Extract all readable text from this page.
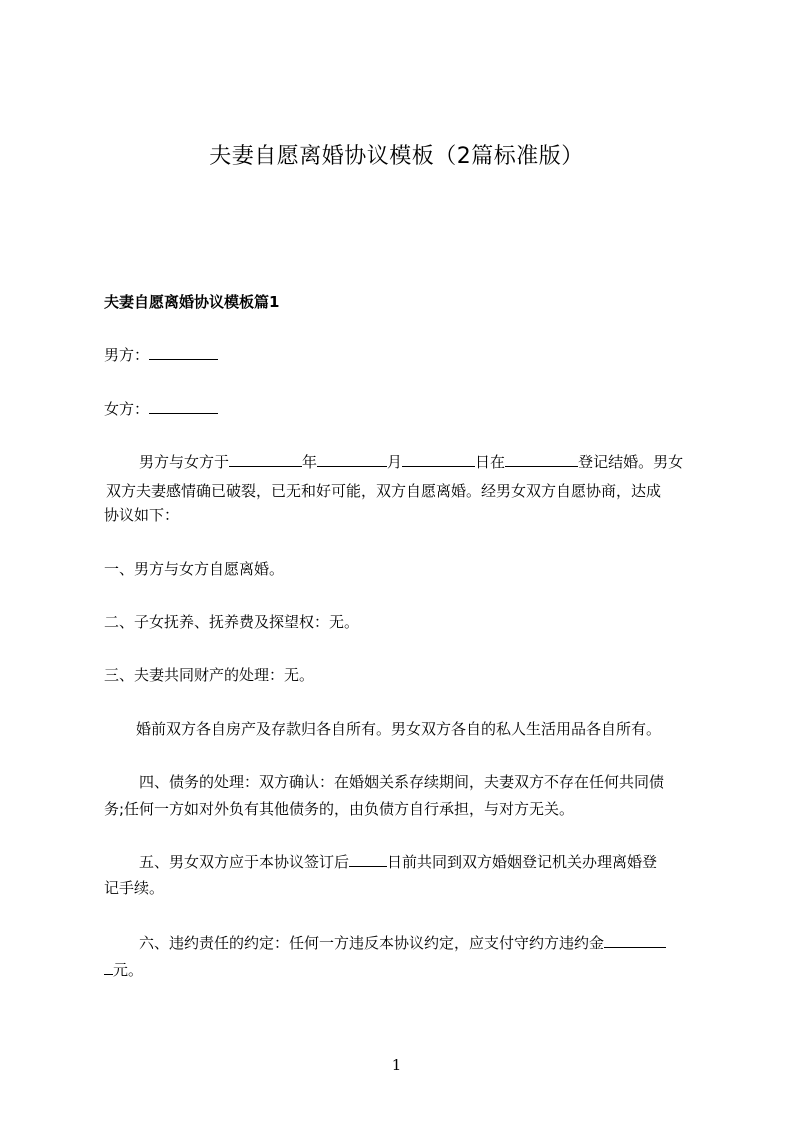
夫妻自愿离婚协议模板（2篇标准版）
夫妻自愿离婚协议模板篇1
男方：
女方：
男方与女方于	年	月	日在	登记结婚。男女
双方夫妻感情确已破裂，已无和好可能，双方自愿离婚。经男女双方自愿协商，达成
协议如下：
一、男方与女方自愿离婚。
二、子女抚养、抚养费及探望权：无。
三、夫妻共同财产的处理：无。
婚前双方各自房产及存款归各自所有。男女双方各自的私人生活用品各自所有。
四、债务的处理：双方确认：在婚姻关系存续期间，夫妻双方不存在任何共同债
务;任何一方如对外负有其他债务的，由负债方自行承担，与对方无关。
五、男女双方应于本协议签订后	日前共同到双方婚姻登记机关办理离婚登
记手续。
六、违约责任的约定：任何一方违反本协议约定，应支付守约方违约金
元。
1
